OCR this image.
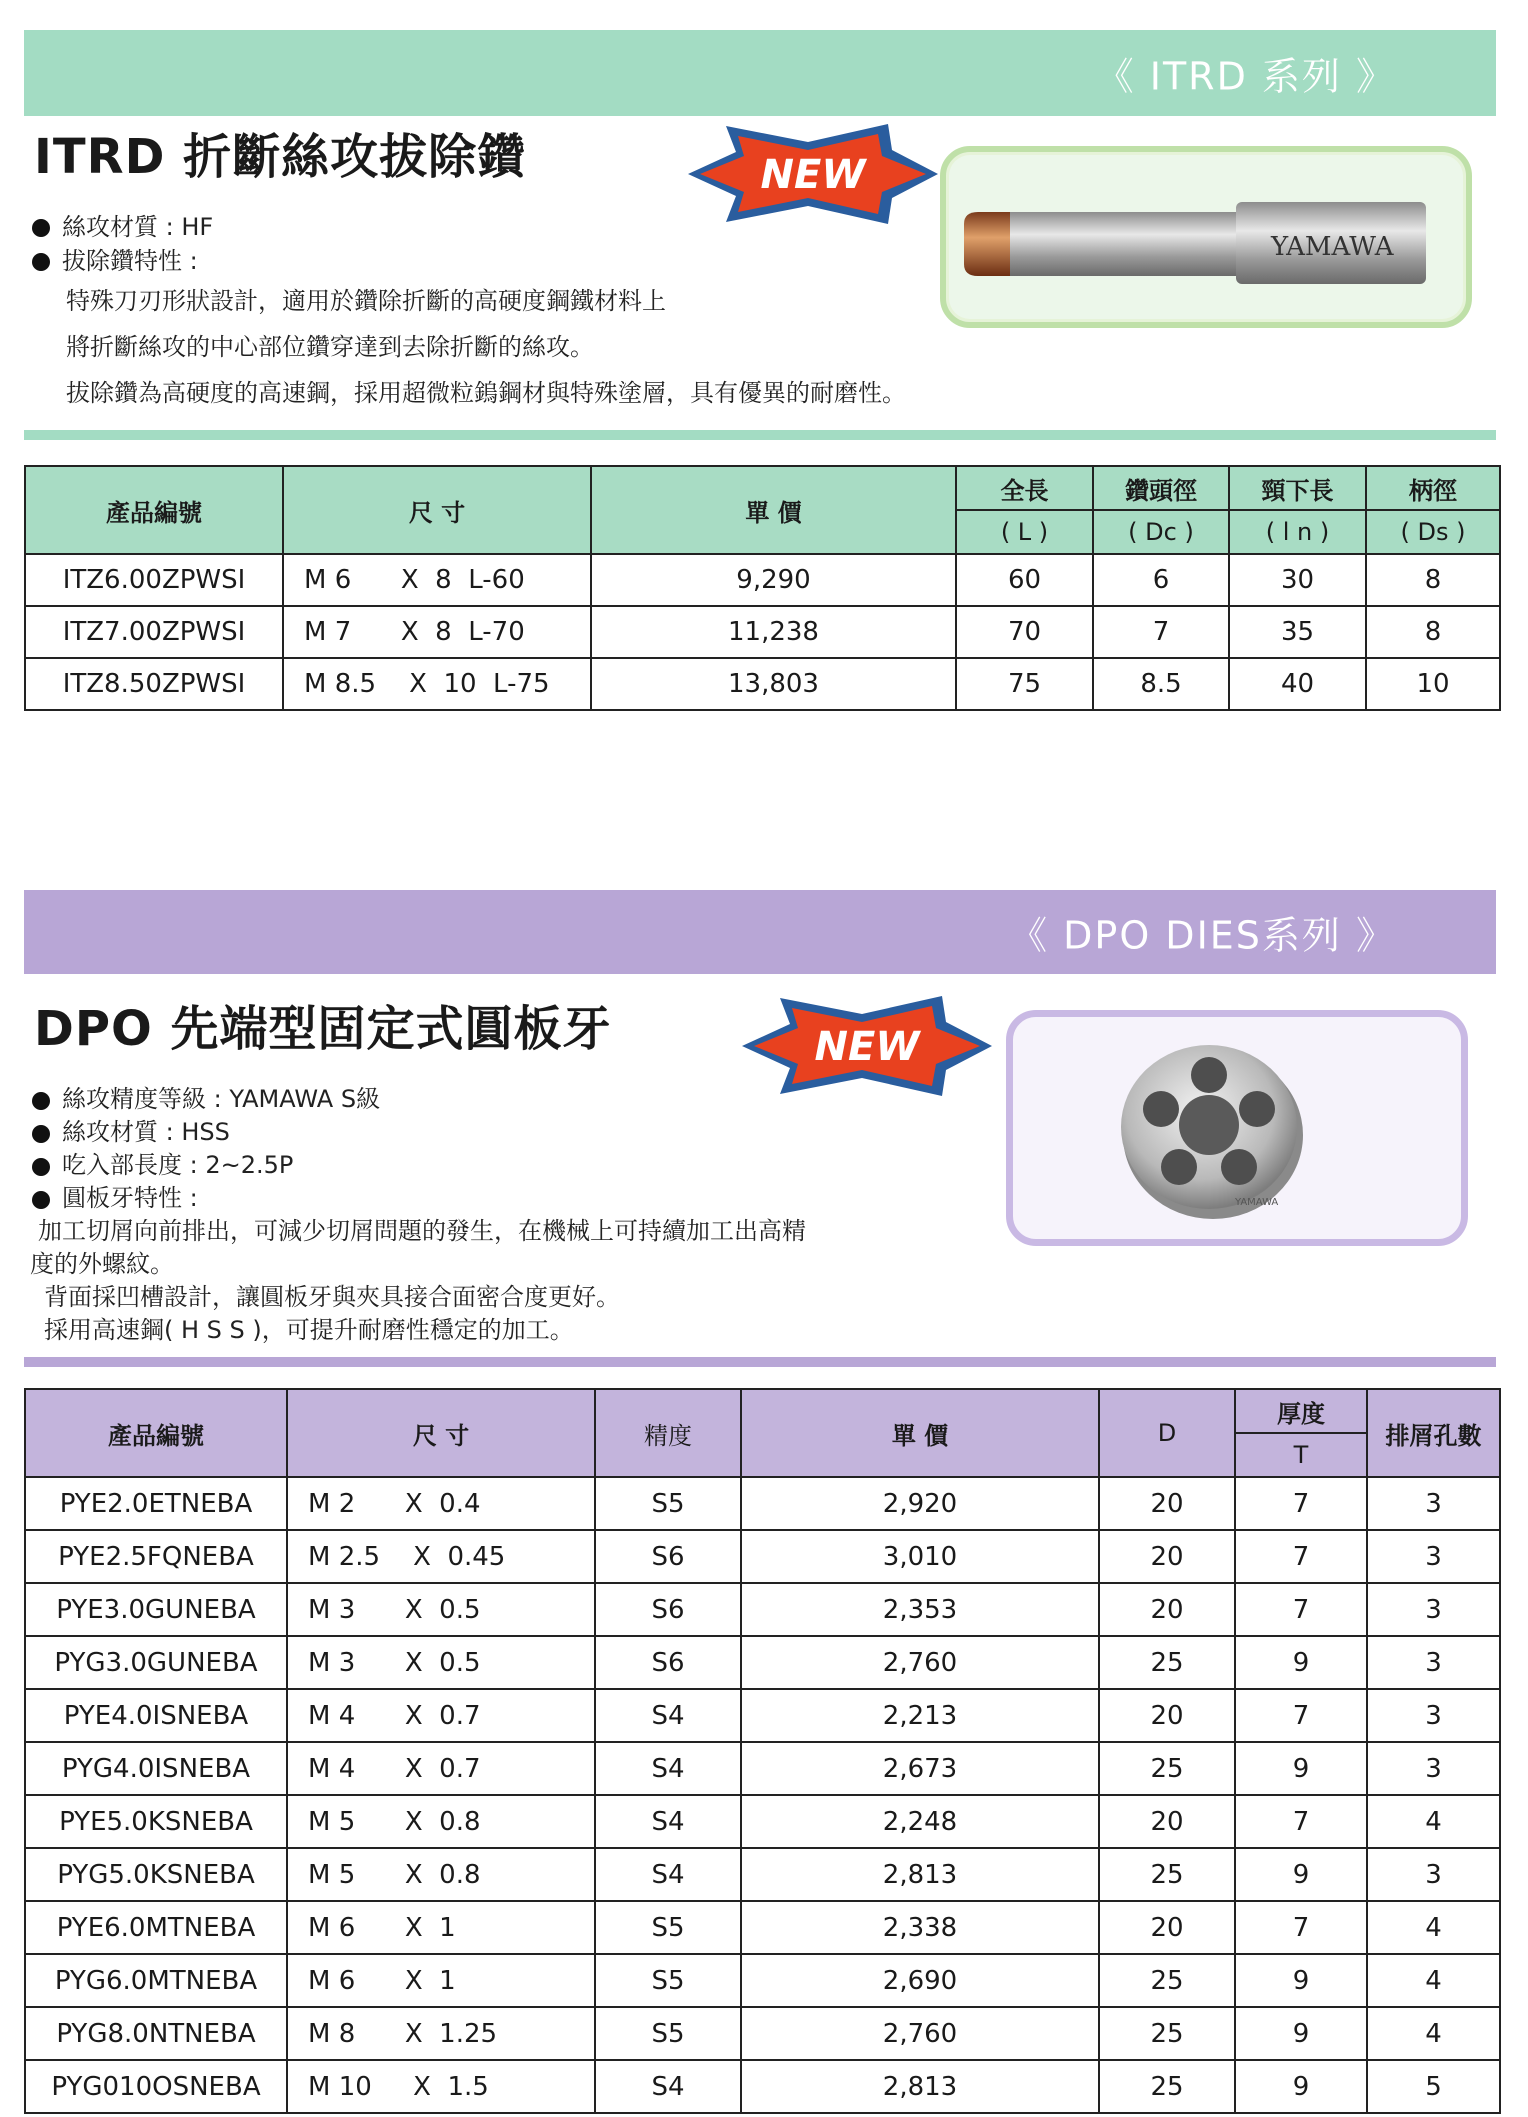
《 ITRD 系列 》
ITRD 折斷絲攻拔除鑽	NEW
YAMAWA
絲攻材質 : HF
拔除鑽特性 :
特殊刀刃形狀設計，適用於鑽除折斷的高硬度鋼鐵材料上
將折斷絲攻的中心部位鑽穿達到去除折斷的絲攻。
拔除鑽為高硬度的高速鋼，採用超微粒鎢鋼材與特殊塗層，具有優異的耐磨性。
產品編號	尺 寸	單 價	全長	鑽頭徑	頸下長	柄徑
			( L )	( Dc )	( l n )	( Ds )
ITZ6.00ZPWSI	M 6      X  8  L-60	9,290	60	6	30	8
ITZ7.00ZPWSI	M 7      X  8  L-70	11,238	70	7	35	8
ITZ8.50ZPWSI	M 8.5    X  10  L-75	13,803	75	8.5	40	10
《 DPO DIES系列 》
DPO 先端型固定式圓板牙	NEW
YAMAWA
絲攻精度等級 : YAMAWA S級
絲攻材質 : HSS
吃入部長度 : 2~2.5P
圓板牙特性 :
加工切屑向前排出，可減少切屑問題的發生，在機械上可持續加工出高精
度的外螺紋。
背面採凹槽設計，讓圓板牙與夾具接合面密合度更好。
採用高速鋼( H S S )，可提升耐磨性穩定的加工。
產品編號	尺 寸	精度	單 價	D	厚度	排屑孔數
					T	
PYE2.0ETNEBA	M 2      X  0.4	S5	2,920	20	7	3
PYE2.5FQNEBA	M 2.5    X  0.45	S6	3,010	20	7	3
PYE3.0GUNEBA	M 3      X  0.5	S6	2,353	20	7	3
PYG3.0GUNEBA	M 3      X  0.5	S6	2,760	25	9	3
PYE4.0ISNEBA	M 4      X  0.7	S4	2,213	20	7	3
PYG4.0ISNEBA	M 4      X  0.7	S4	2,673	25	9	3
PYE5.0KSNEBA	M 5      X  0.8	S4	2,248	20	7	4
PYG5.0KSNEBA	M 5      X  0.8	S4	2,813	25	9	3
PYE6.0MTNEBA	M 6      X  1	S5	2,338	20	7	4
PYG6.0MTNEBA	M 6      X  1	S5	2,690	25	9	4
PYG8.0NTNEBA	M 8      X  1.25	S5	2,760	25	9	4
PYG010OSNEBA	M 10     X  1.5	S4	2,813	25	9	5
